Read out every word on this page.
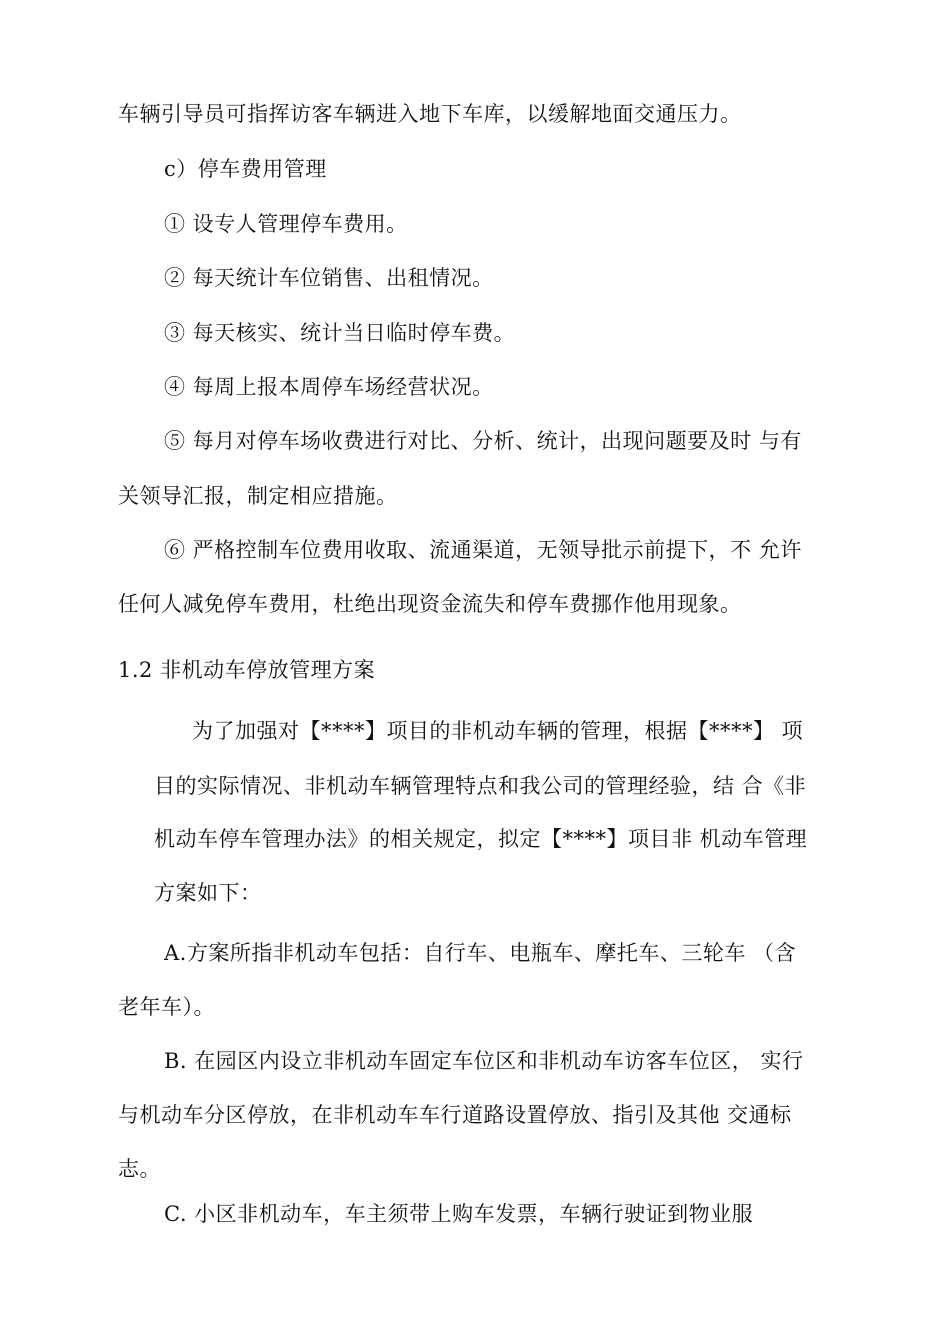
车辆引导员可指挥访客车辆进入地下车库，以缓解地面交通压力。
c）停车费用管理
① 设专人管理停车费用。
② 每天统计车位销售、出租情况。
③ 每天核实、统计当日临时停车费。
④ 每周上报本周停车场经营状况。
⑤ 每月对停车场收费进行对比、分析、统计，出现问题要及时 与有
关领导汇报，制定相应措施。
⑥ 严格控制车位费用收取、流通渠道，无领导批示前提下，不 允许
任何人减免停车费用，杜绝出现资金流失和停车费挪作他用现象。
1.2 非机动车停放管理方案
为了加强对【****】项目的非机动车辆的管理，根据【****】 项
目的实际情况、非机动车辆管理特点和我公司的管理经验，结 合《非
机动车停车管理办法》的相关规定，拟定【****】项目非 机动车管理
方案如下：
A.方案所指非机动车包括：自行车、电瓶车、摩托车、三轮车 （含
老年车）。
B. 在园区内设立非机动车固定车位区和非机动车访客车位区， 实行
与机动车分区停放，在非机动车车行道路设置停放、指引及其他 交通标
志。
C. 小区非机动车，车主须带上购车发票，车辆行驶证到物业服
